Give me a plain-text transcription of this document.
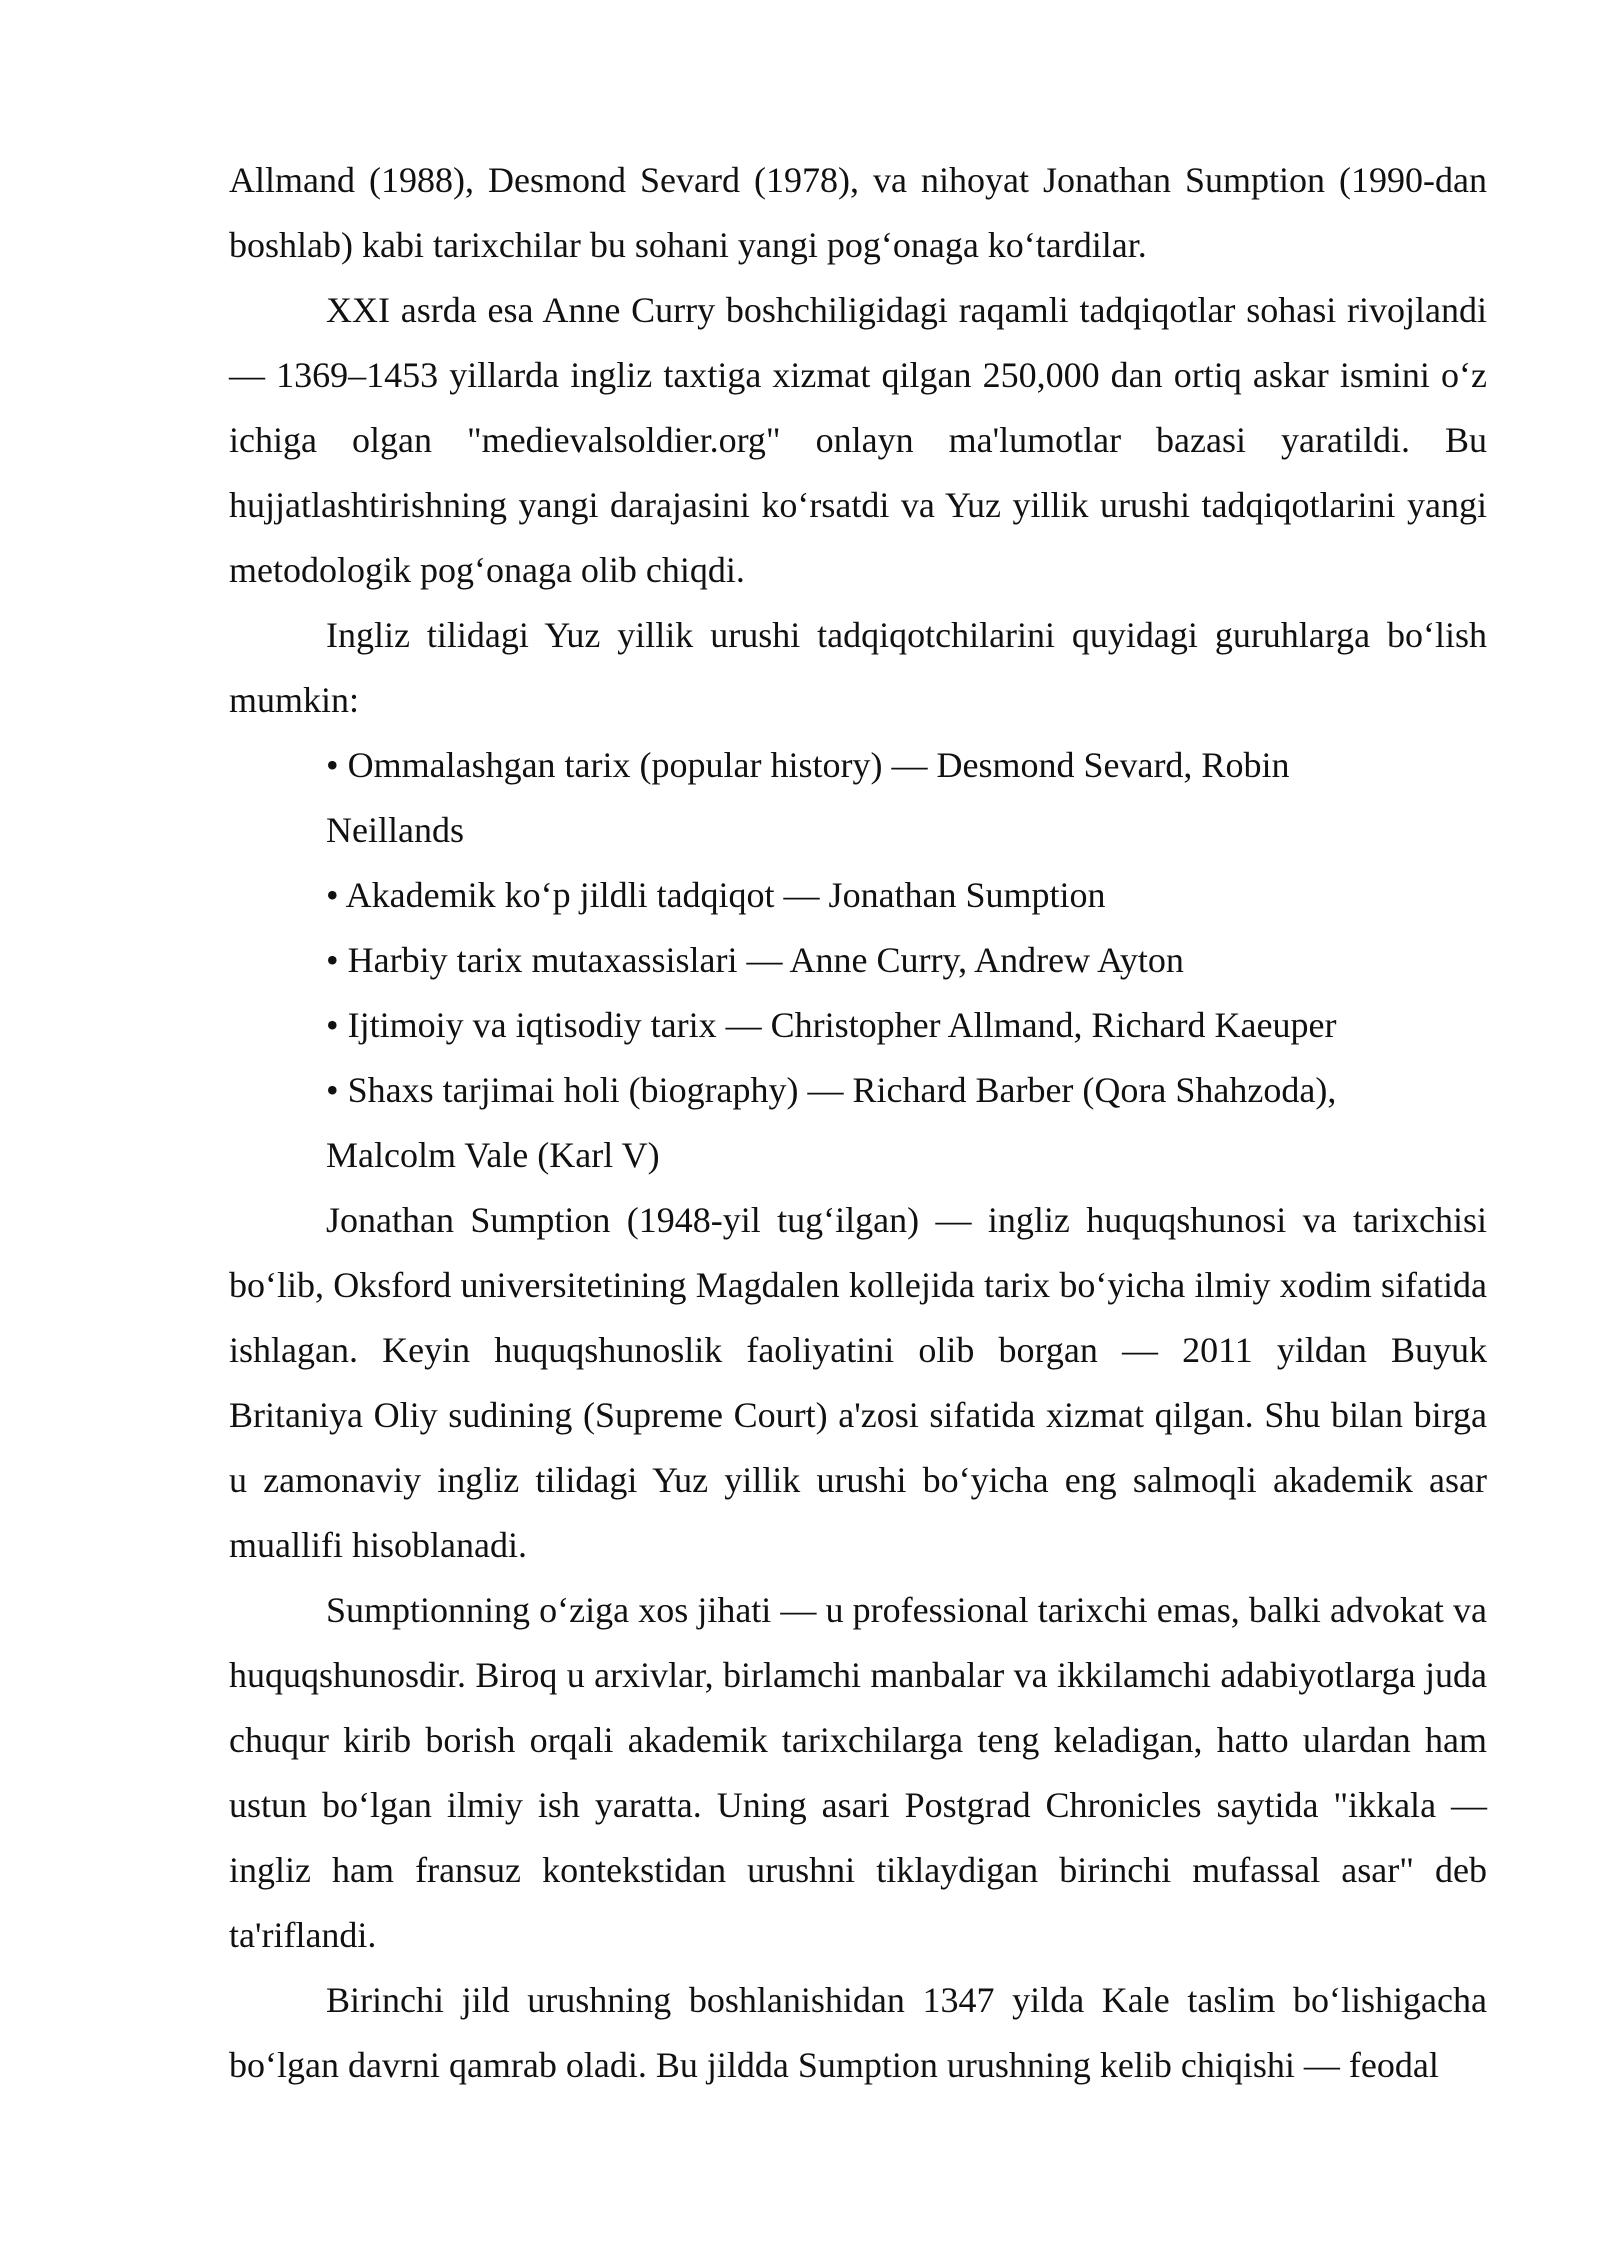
Allmand (1988), Desmond Sevard (1978), va nihoyat Jonathan Sumption (1990-dan boshlab) kabi tarixchilar bu sohani yangi pog‘onaga ko‘tardilar.

XXI asrda esa Anne Curry boshchiligidagi raqamli tadqiqotlar sohasi rivojlandi — 1369–1453 yillarda ingliz taxtiga xizmat qilgan 250,000 dan ortiq askar ismini o‘z ichiga olgan "medievalsoldier.org" onlayn ma'lumotlar bazasi yaratildi. Bu hujjatlashtirishning yangi darajasini ko‘rsatdi va Yuz yillik urushi tadqiqotlarini yangi metodologik pog‘onaga olib chiqdi.

Ingliz tilidagi Yuz yillik urushi tadqiqotchilarini quyidagi guruhlarga bo‘lish mumkin:

• Ommalashgan tarix (popular history) — Desmond Sevard, Robin Neillands

• Akademik ko‘p jildli tadqiqot — Jonathan Sumption

• Harbiy tarix mutaxassislari — Anne Curry, Andrew Ayton

• Ijtimoiy va iqtisodiy tarix — Christopher Allmand, Richard Kaeuper

• Shaxs tarjimai holi (biography) — Richard Barber (Qora Shahzoda), Malcolm Vale (Karl V)

Jonathan Sumption (1948-yil tug‘ilgan) — ingliz huquqshunosi va tarixchisi bo‘lib, Oksford universitetining Magdalen kollejida tarix bo‘yicha ilmiy xodim sifatida ishlagan. Keyin huquqshunoslik faoliyatini olib borgan — 2011 yildan Buyuk Britaniya Oliy sudining (Supreme Court) a'zosi sifatida xizmat qilgan. Shu bilan birga u zamonaviy ingliz tilidagi Yuz yillik urushi bo‘yicha eng salmoqli akademik asar muallifi hisoblanadi.

Sumptionning o‘ziga xos jihati — u professional tarixchi emas, balki advokat va huquqshunosdir. Biroq u arxivlar, birlamchi manbalar va ikkilamchi adabiyotlarga juda chuqur kirib borish orqali akademik tarixchilarga teng keladigan, hatto ulardan ham ustun bo‘lgan ilmiy ish yaratta. Uning asari Postgrad Chronicles saytida "ikkala — ingliz ham fransuz kontekstidan urushni tiklaydigan birinchi mufassal asar" deb ta'riflandi.

Birinchi jild urushning boshlanishidan 1347 yilda Kale taslim bo‘lishigacha bo‘lgan davrni qamrab oladi. Bu jildda Sumption urushning kelib chiqishi — feodal
